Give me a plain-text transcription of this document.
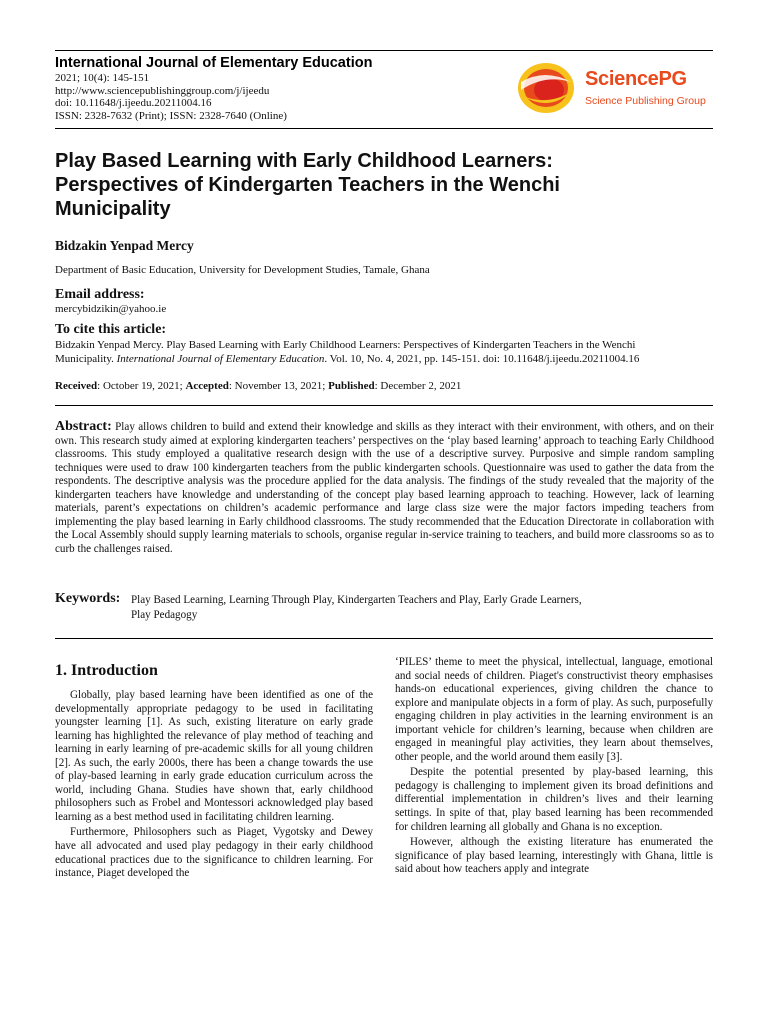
International Journal of Elementary Education
2021; 10(4): 145-151
http://www.sciencepublishinggroup.com/j/ijeedu
doi: 10.11648/j.ijeedu.20211004.16
ISSN: 2328-7632 (Print); ISSN: 2328-7640 (Online)
SciencePG
Science Publishing Group
Play Based Learning with Early Childhood Learners:
Perspectives of Kindergarten Teachers in the Wenchi
Municipality
Bidzakin Yenpad Mercy
Department of Basic Education, University for Development Studies, Tamale, Ghana
Email address:
mercybidzikin@yahoo.ie
To cite this article:
Bidzakin Yenpad Mercy. Play Based Learning with Early Childhood Learners: Perspectives of Kindergarten Teachers in the Wenchi
Municipality. International Journal of Elementary Education. Vol. 10, No. 4, 2021, pp. 145-151. doi: 10.11648/j.ijeedu.20211004.16
Received: October 19, 2021; Accepted: November 13, 2021; Published: December 2, 2021
Abstract: Play allows children to build and extend their knowledge and skills as they interact with their environment, with others, and on their own. This research study aimed at exploring kindergarten teachers’ perspectives on the ‘play based learning’ approach to teaching Early Childhood classrooms. This study employed a qualitative research design with the use of a descriptive survey. Purposive and simple random sampling techniques were used to draw 100 kindergarten teachers from the public kindergarten schools. Questionnaire was used to gather the data from the respondents. The descriptive analysis was the procedure applied for the data analysis. The findings of the study revealed that the majority of the kindergarten teachers have knowledge and understanding of the concept play based learning approach to teaching. However, lack of learning materials, parent’s expectations on children’s academic performance and large class size were the major factors impeding teachers from implementing the play based learning in Early childhood classrooms. The study recommended that the Education Directorate in collaboration with the Local Assembly should supply learning materials to schools, organise regular in-service training to teachers, and build more classrooms so as to curb the challenges raised.
Keywords: Play Based Learning, Learning Through Play, Kindergarten Teachers and Play, Early Grade Learners,
Play Pedagogy
1. Introduction

Globally, play based learning have been identified as one of the developmentally appropriate pedagogy to be used in facilitating youngster learning [1]. As such, existing literature on early grade learning has highlighted the relevance of play method of teaching and learning in early learning of pre-academic skills for all young children [2]. As such, the early 2000s, there has been a change towards the use of play-based learning in early grade education curriculum across the world, including Ghana. Studies have shown that, early childhood philosophers such as Frobel and Montessori acknowledged play based learning as a best method used in facilitating children learning.

Furthermore, Philosophers such as Piaget, Vygotsky and Dewey have all advocated and used play pedagogy in their early childhood educational practices due to the significance to children learning. For instance, Piaget developed the

‘PILES’ theme to meet the physical, intellectual, language, emotional and social needs of children. Piaget's constructivist theory emphasises hands-on educational experiences, giving children the chance to explore and manipulate objects in a form of play. As such, purposefully engaging children in play activities in the learning environment is an important vehicle for children’s learning, because when children are engaged in meaningful play activities, they learn about themselves, other people, and the world around them easily [3].

Despite the potential presented by play-based learning, this pedagogy is challenging to implement given its broad definitions and differential implementation in children’s lives and their learning settings. In spite of that, play based learning has been recommended for children learning all globally and Ghana is no exception.

However, although the existing literature has enumerated the significance of play based learning, interestingly with Ghana, little is said about how teachers apply and integrate
